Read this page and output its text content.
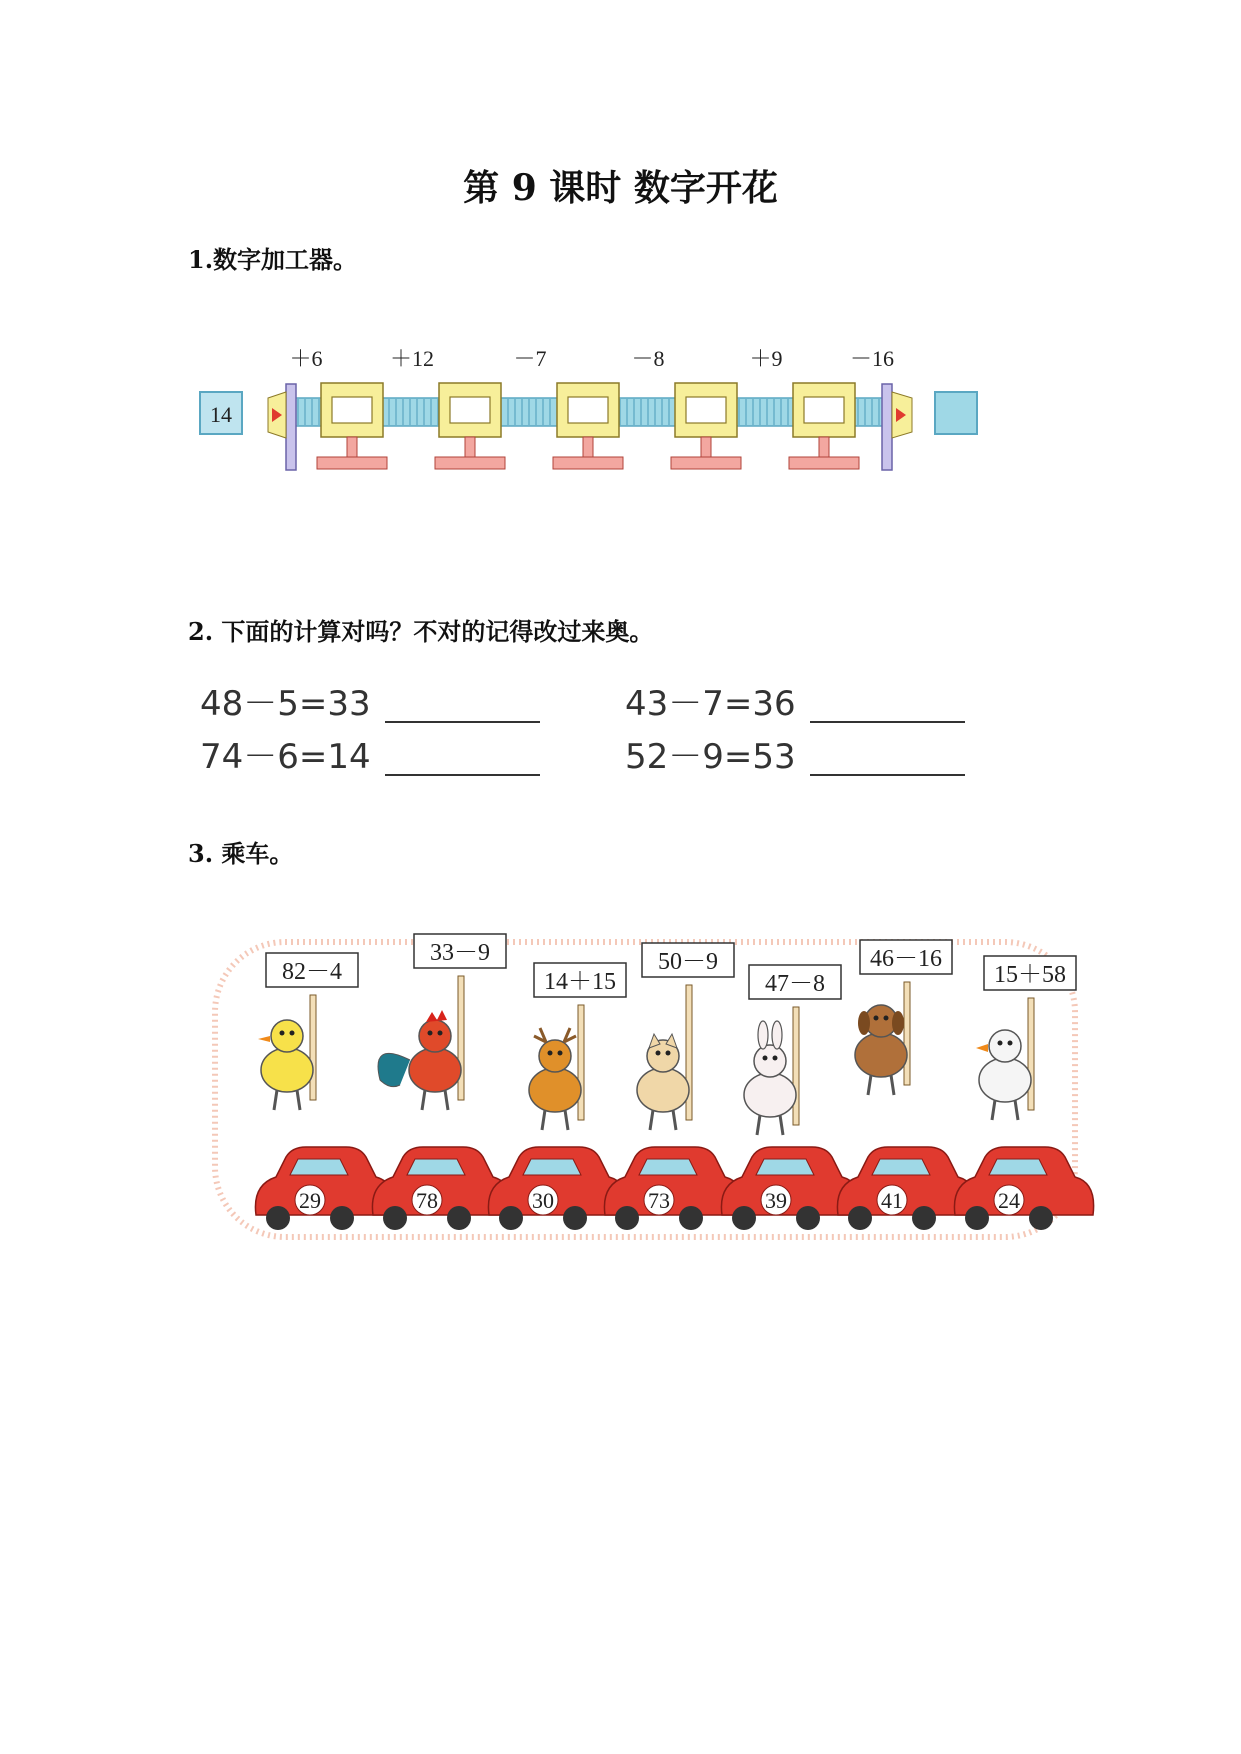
第 9 课时 数字开花
1.数字加工器。
2. 下面的计算对吗？不对的记得改过来奥。
3. 乘车。
14
＋6	＋12	－7	－8	＋9	－16
48－5=33	43－7=36
74－6=14	52－9=53
82－4
33－9
14＋15
50－9
47－8
46－16
15＋58
29	78	30	73	39	41	24
